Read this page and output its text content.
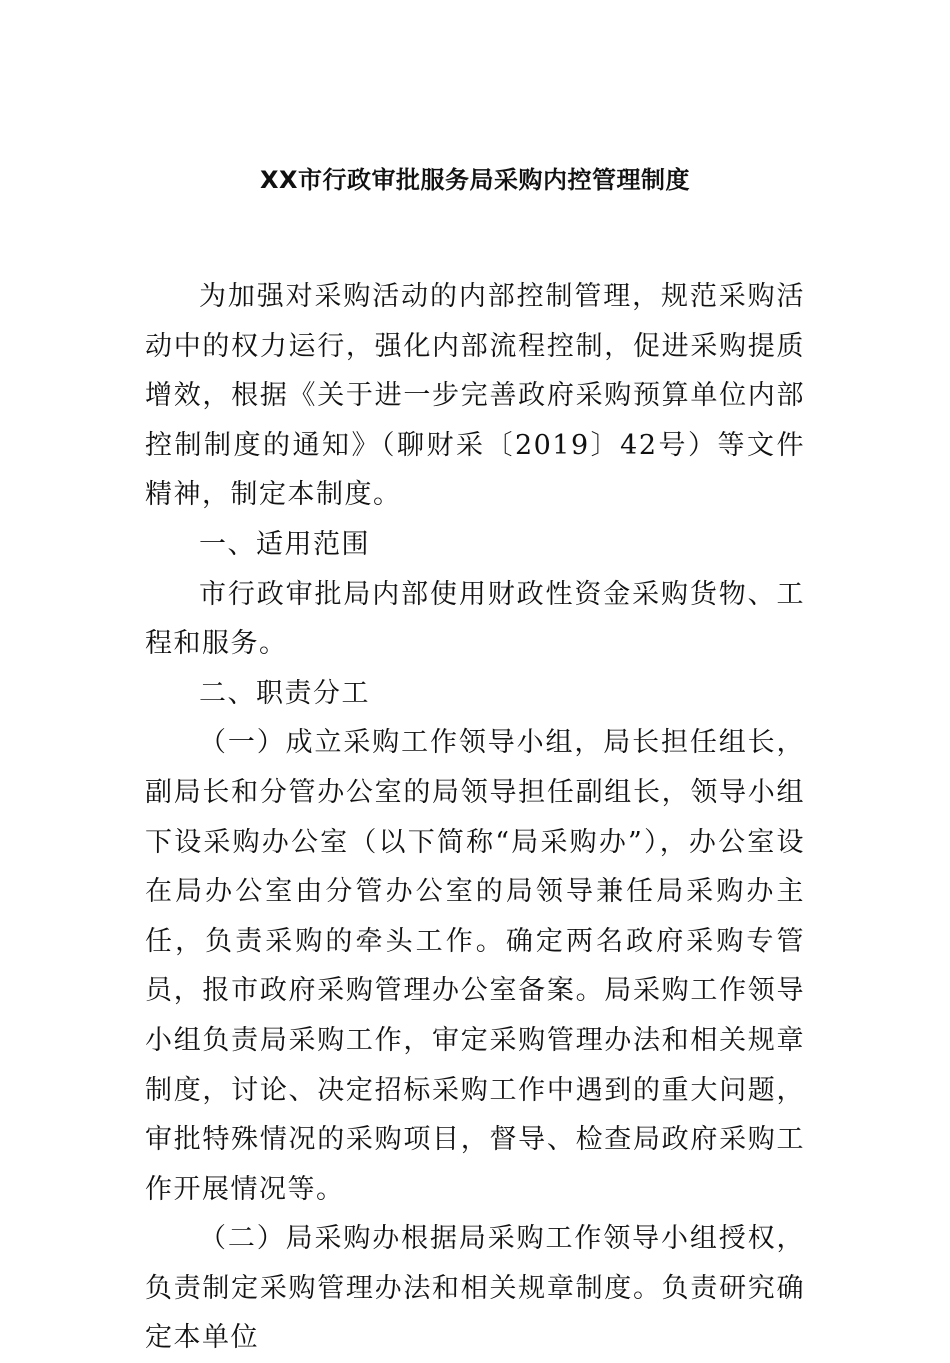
XX市行政审批服务局采购内控管理制度

为加强对采购活动的内部控制管理，规范采购活动中的权力运行，强化内部流程控制，促进采购提质增效，根据《关于进一步完善政府采购预算单位内部控制制度的通知》（聊财采〔2019〕42号）等文件精神，制定本制度。

一、适用范围

市行政审批局内部使用财政性资金采购货物、工程和服务。

二、职责分工

（一）成立采购工作领导小组，局长担任组长，副局长和分管办公室的局领导担任副组长，领导小组下设采购办公室（以下简称“局采购办”），办公室设在局办公室由分管办公室的局领导兼任局采购办主任，负责采购的牵头工作。确定两名政府采购专管员，报市政府采购管理办公室备案。局采购工作领导小组负责局采购工作，审定采购管理办法和相关规章制度，讨论、决定招标采购工作中遇到的重大问题，审批特殊情况的采购项目，督导、检查局政府采购工作开展情况等。

（二）局采购办根据局采购工作领导小组授权，负责制定采购管理办法和相关规章制度。负责研究确定本单位
